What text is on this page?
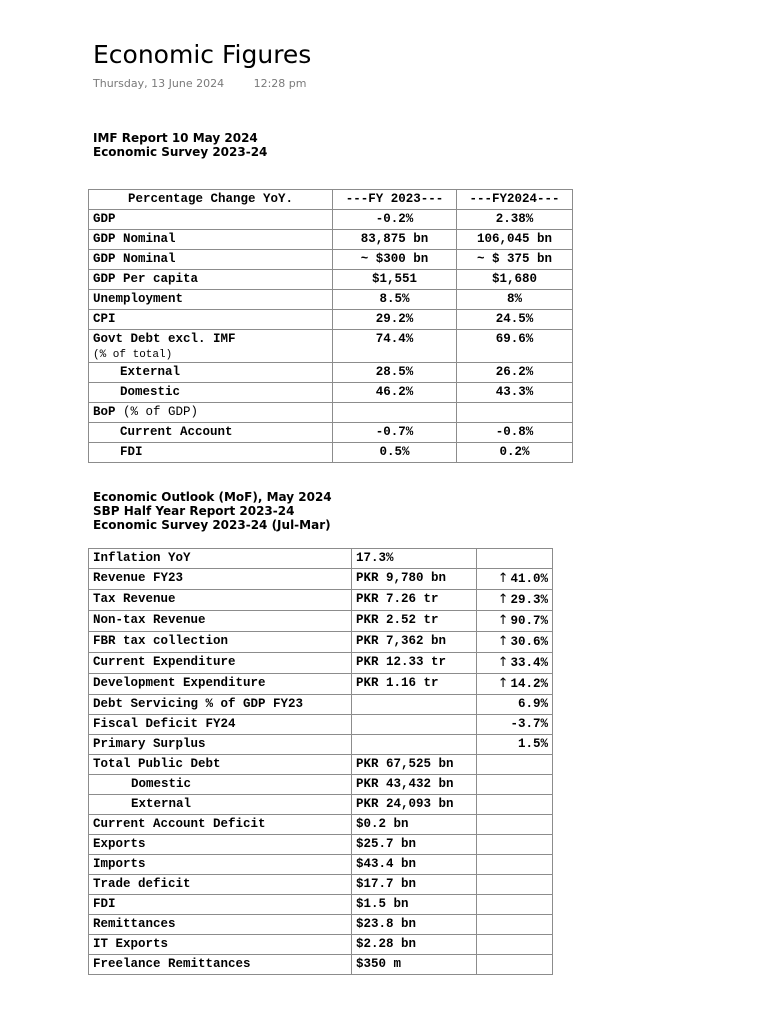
Economic Figures
Thursday, 13 June 2024	12:28 pm
IMF Report 10 May 2024
Economic Survey 2023-24
Percentage Change YoY.	---FY 2023---	---FY2024---
GDP	-0.2%	2.38%
GDP Nominal	83,875 bn	106,045 bn
GDP Nominal	~ $300 bn	~ $ 375 bn
GDP Per capita	$1,551	$1,680
Unemployment	8.5%	8%
CPI	29.2%	24.5%
Govt Debt excl. IMF
(% of total)	74.4%	69.6%
External	28.5%	26.2%
Domestic	46.2%	43.3%
BoP (% of GDP)		
Current Account	-0.7%	-0.8%
FDI	0.5%	0.2%
Economic Outlook (MoF), May 2024
SBP Half Year Report 2023-24
Economic Survey 2023-24 (Jul-Mar)
Inflation YoY	17.3%	
Revenue FY23	PKR 9,780 bn	↑ 41.0%
Tax Revenue	PKR 7.26 tr	↑ 29.3%
Non-tax Revenue	PKR 2.52 tr	↑ 90.7%
FBR tax collection	PKR 7,362 bn	↑ 30.6%
Current Expenditure	PKR 12.33 tr	↑ 33.4%
Development Expenditure	PKR 1.16 tr	↑ 14.2%
Debt Servicing % of GDP FY23		6.9%
Fiscal Deficit FY24		-3.7%
Primary Surplus		1.5%
Total Public Debt	PKR 67,525 bn	
Domestic	PKR 43,432 bn	
External	PKR 24,093 bn	
Current Account Deficit	$0.2 bn	
Exports	$25.7 bn	
Imports	$43.4 bn	
Trade deficit	$17.7 bn	
FDI	$1.5 bn	
Remittances	$23.8 bn	
IT Exports	$2.28 bn	
Freelance Remittances	$350 m	
